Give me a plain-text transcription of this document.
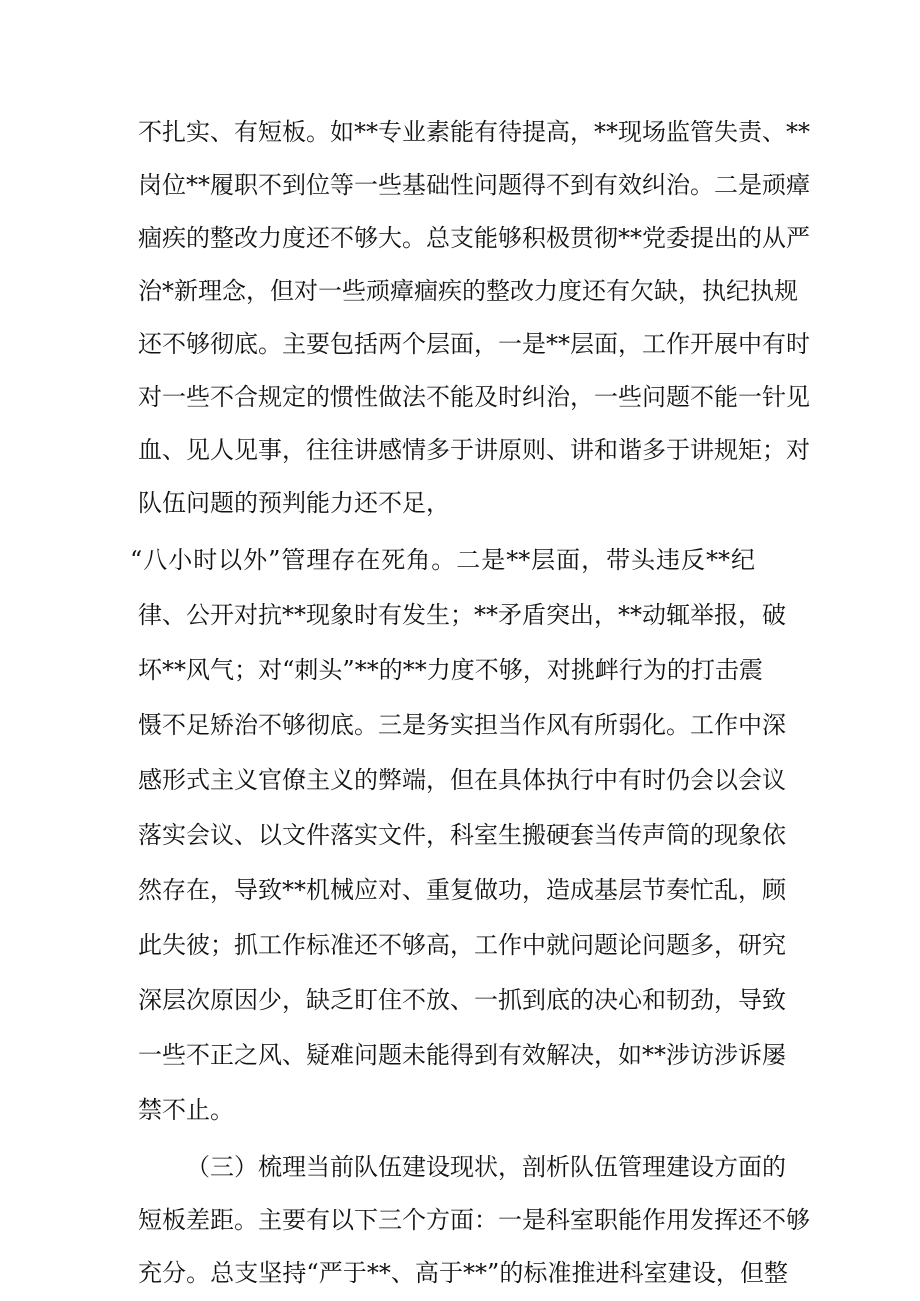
不扎实、有短板。如**专业素能有待提高，**现场监管失责、**
岗位**履职不到位等一些基础性问题得不到有效纠治。二是顽瘴
痼疾的整改力度还不够大。总支能够积极贯彻**党委提出的从严
治*新理念，但对一些顽瘴痼疾的整改力度还有欠缺，执纪执规
还不够彻底。主要包括两个层面，一是**层面，工作开展中有时
对一些不合规定的惯性做法不能及时纠治，一些问题不能一针见
血、见人见事，往往讲感情多于讲原则、讲和谐多于讲规矩；对
队伍问题的预判能力还不足，
“八小时以外”管理存在死角。二是**层面，带头违反**纪
律、公开对抗**现象时有发生；**矛盾突出，**动辄举报，破
坏**风气；对“刺头”**的**力度不够，对挑衅行为的打击震
慑不足矫治不够彻底。三是务实担当作风有所弱化。工作中深
感形式主义官僚主义的弊端，但在具体执行中有时仍会以会议
落实会议、以文件落实文件，科室生搬硬套当传声筒的现象依
然存在，导致**机械应对、重复做功，造成基层节奏忙乱，顾
此失彼；抓工作标准还不够高，工作中就问题论问题多，研究
深层次原因少，缺乏盯住不放、一抓到底的决心和韧劲，导致
一些不正之风、疑难问题未能得到有效解决，如**涉访涉诉屡
禁不止。
（三）梳理当前队伍建设现状，剖析队伍管理建设方面的
短板差距。主要有以下三个方面：一是科室职能作用发挥还不够
充分。总支坚持“严于**、高于**”的标准推进科室建设，但整
